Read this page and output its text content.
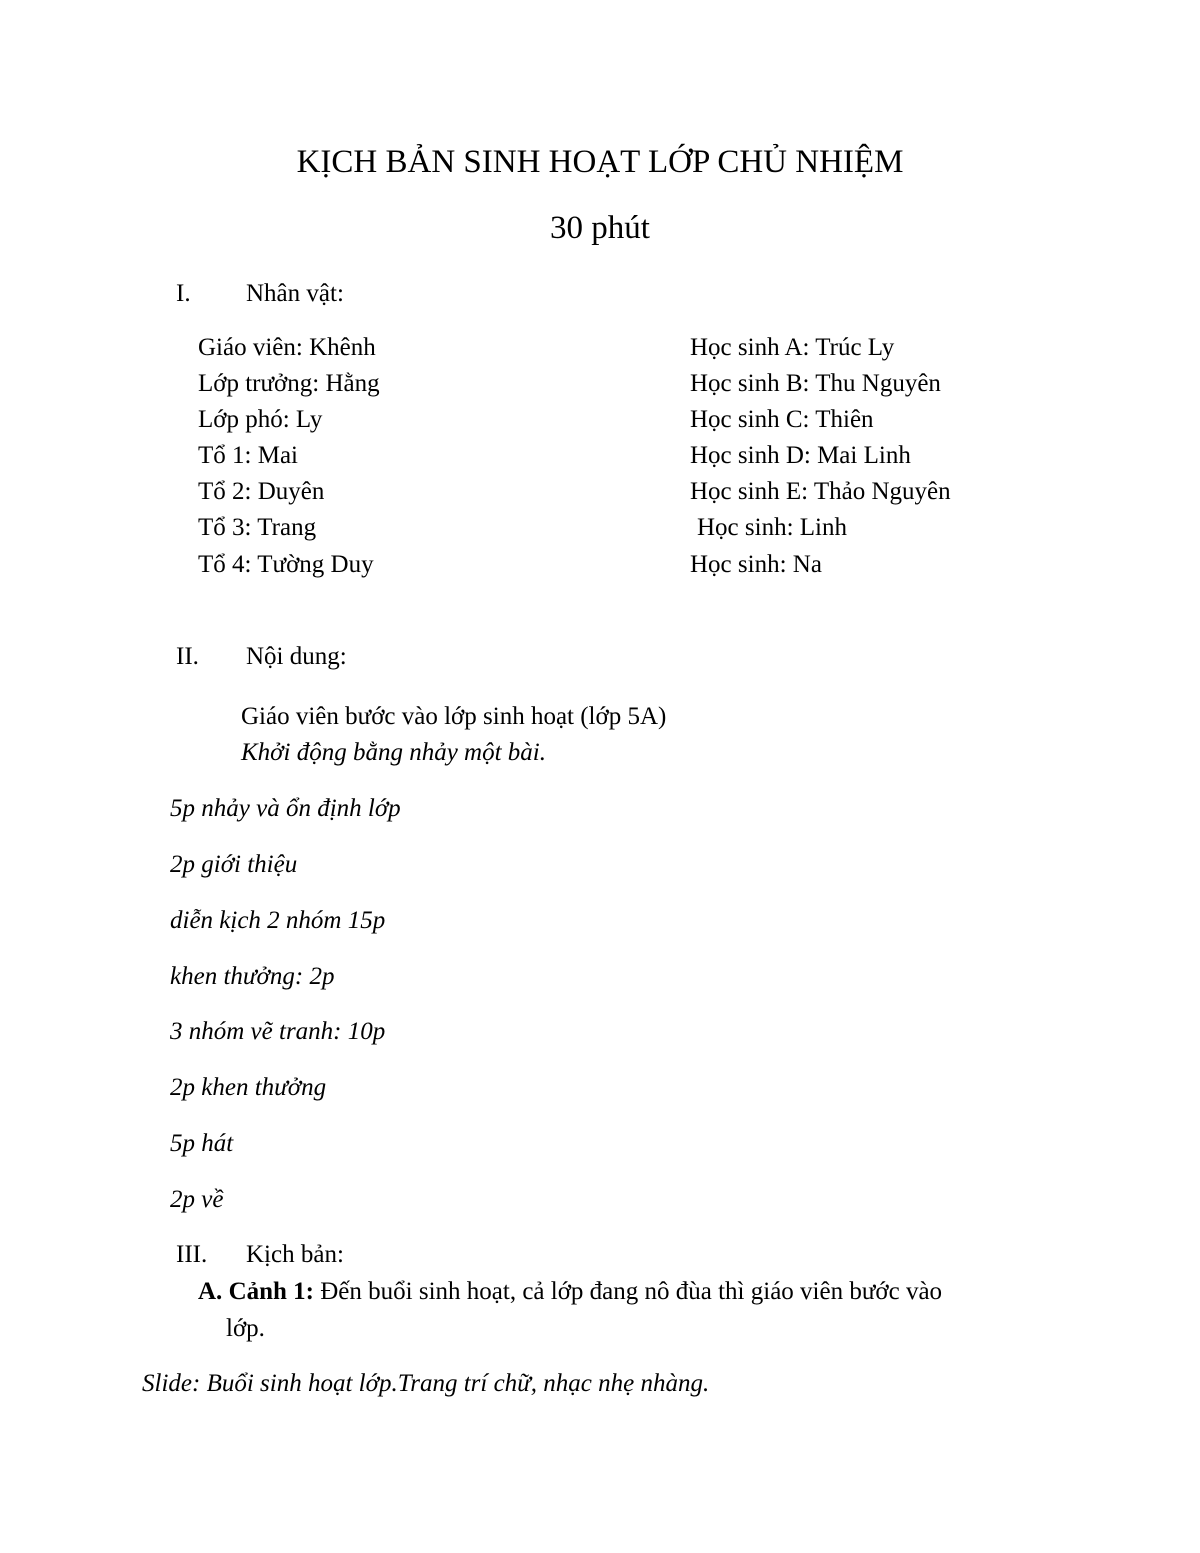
KỊCH BẢN SINH HOẠT LỚP CHỦ NHIỆM
30 phút
I. Nhân vật:
Giáo viên: Khênh
Lớp trưởng: Hằng
Lớp phó: Ly
Tổ 1: Mai
Tổ 2: Duyên
Tổ 3: Trang
Tổ 4: Tường Duy
Học sinh A: Trúc Ly
Học sinh B: Thu Nguyên
Học sinh C: Thiên
Học sinh D: Mai Linh
Học sinh E: Thảo Nguyên
Học sinh: Linh
Học sinh: Na
II. Nội dung:
Giáo viên bước vào lớp sinh hoạt (lớp 5A)
Khởi động bằng nhảy một bài.
5p nhảy và ổn định lớp
2p giới thiệu
diễn kịch 2 nhóm 15p
khen thưởng: 2p
3 nhóm vẽ tranh: 10p
2p khen thưởng
5p hát
2p về
III. Kịch bản:
A. Cảnh 1: Đến buổi sinh hoạt, cả lớp đang nô đùa thì giáo viên bước vào
lớp.
Slide: Buổi sinh hoạt lớp.Trang trí chữ, nhạc nhẹ nhàng.
